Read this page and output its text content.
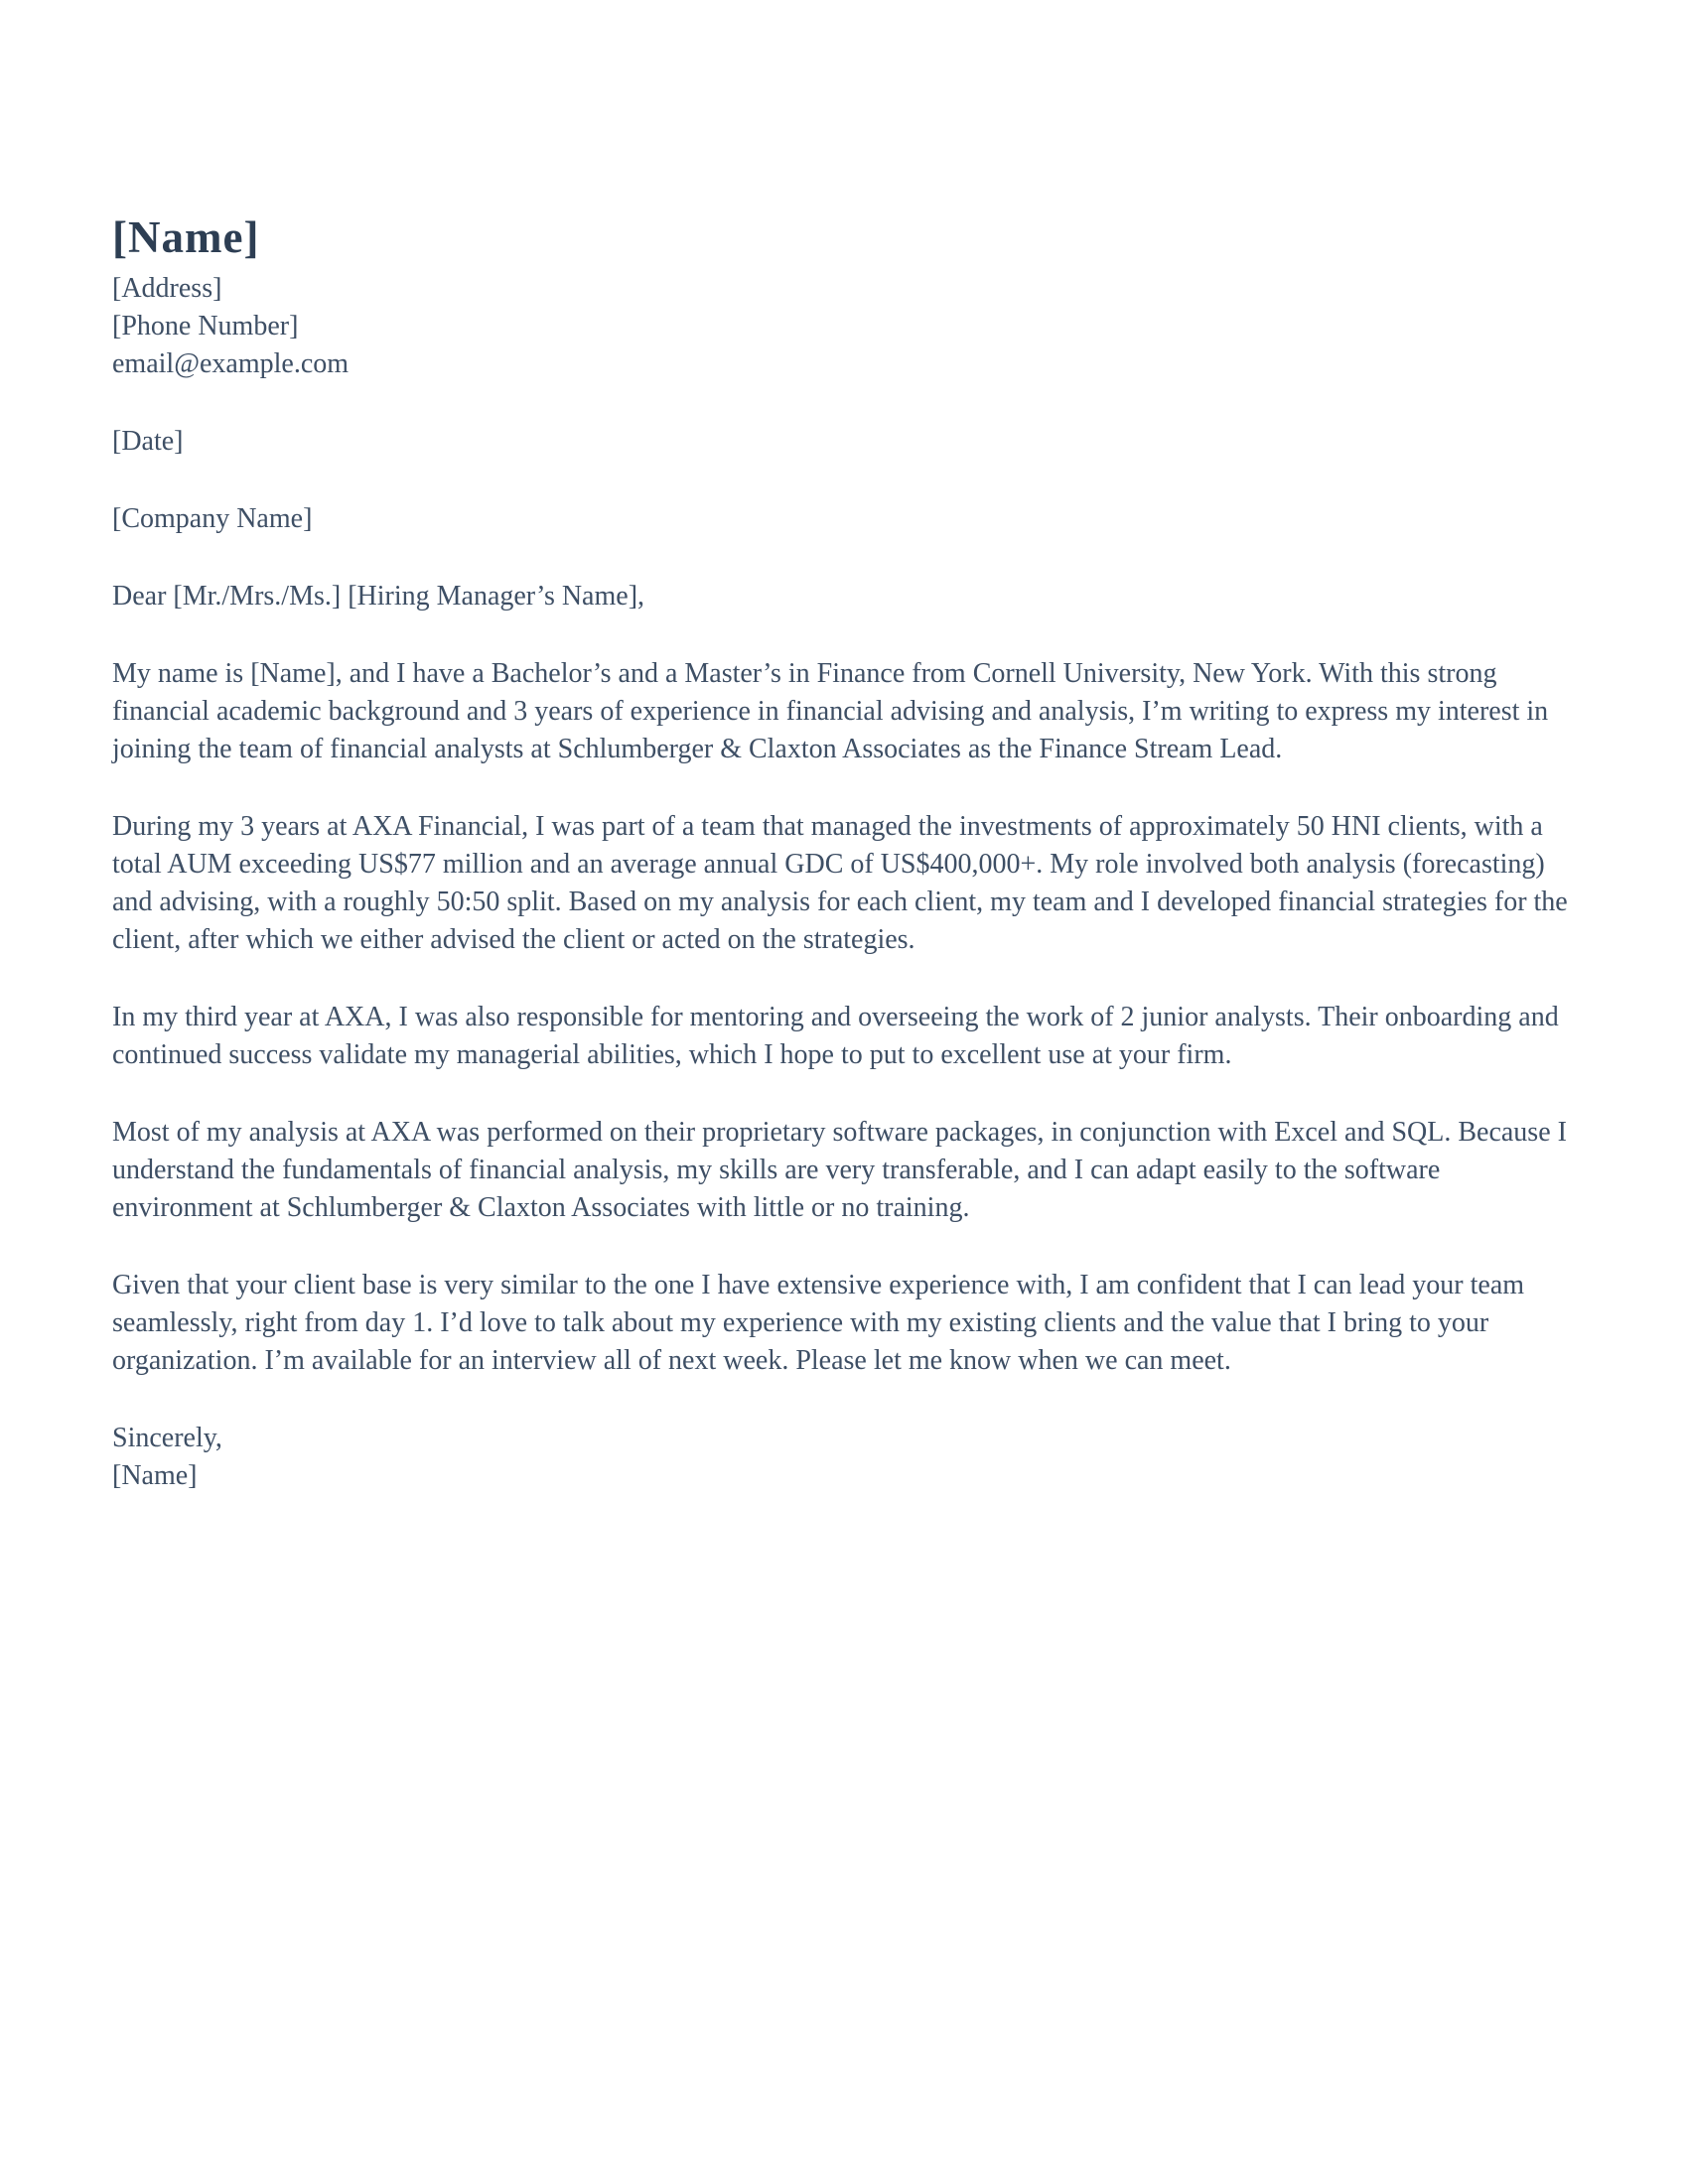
[Name]

[Address]

[Phone Number]

email@example.com

[Date]

[Company Name]

Dear [Mr./Mrs./Ms.] [Hiring Manager’s Name],

My name is [Name], and I have a Bachelor’s and a Master’s in Finance from Cornell University, New York. With this strong financial academic background and 3 years of experience in financial advising and analysis, I’m writing to express my interest in joining the team of financial analysts at Schlumberger & Claxton Associates as the Finance Stream Lead.

During my 3 years at AXA Financial, I was part of a team that managed the investments of approximately 50 HNI clients, with a total AUM exceeding US$77 million and an average annual GDC of US$400,000+. My role involved both analysis (forecasting) and advising, with a roughly 50:50 split. Based on my analysis for each client, my team and I developed financial strategies for the client, after which we either advised the client or acted on the strategies.

In my third year at AXA, I was also responsible for mentoring and overseeing the work of 2 junior analysts. Their onboarding and continued success validate my managerial abilities, which I hope to put to excellent use at your firm.

Most of my analysis at AXA was performed on their proprietary software packages, in conjunction with Excel and SQL. Because I understand the fundamentals of financial analysis, my skills are very transferable, and I can adapt easily to the software environment at Schlumberger & Claxton Associates with little or no training.

Given that your client base is very similar to the one I have extensive experience with, I am confident that I can lead your team seamlessly, right from day 1. I’d love to talk about my experience with my existing clients and the value that I bring to your organization. I’m available for an interview all of next week. Please let me know when we can meet.

Sincerely,

[Name]
